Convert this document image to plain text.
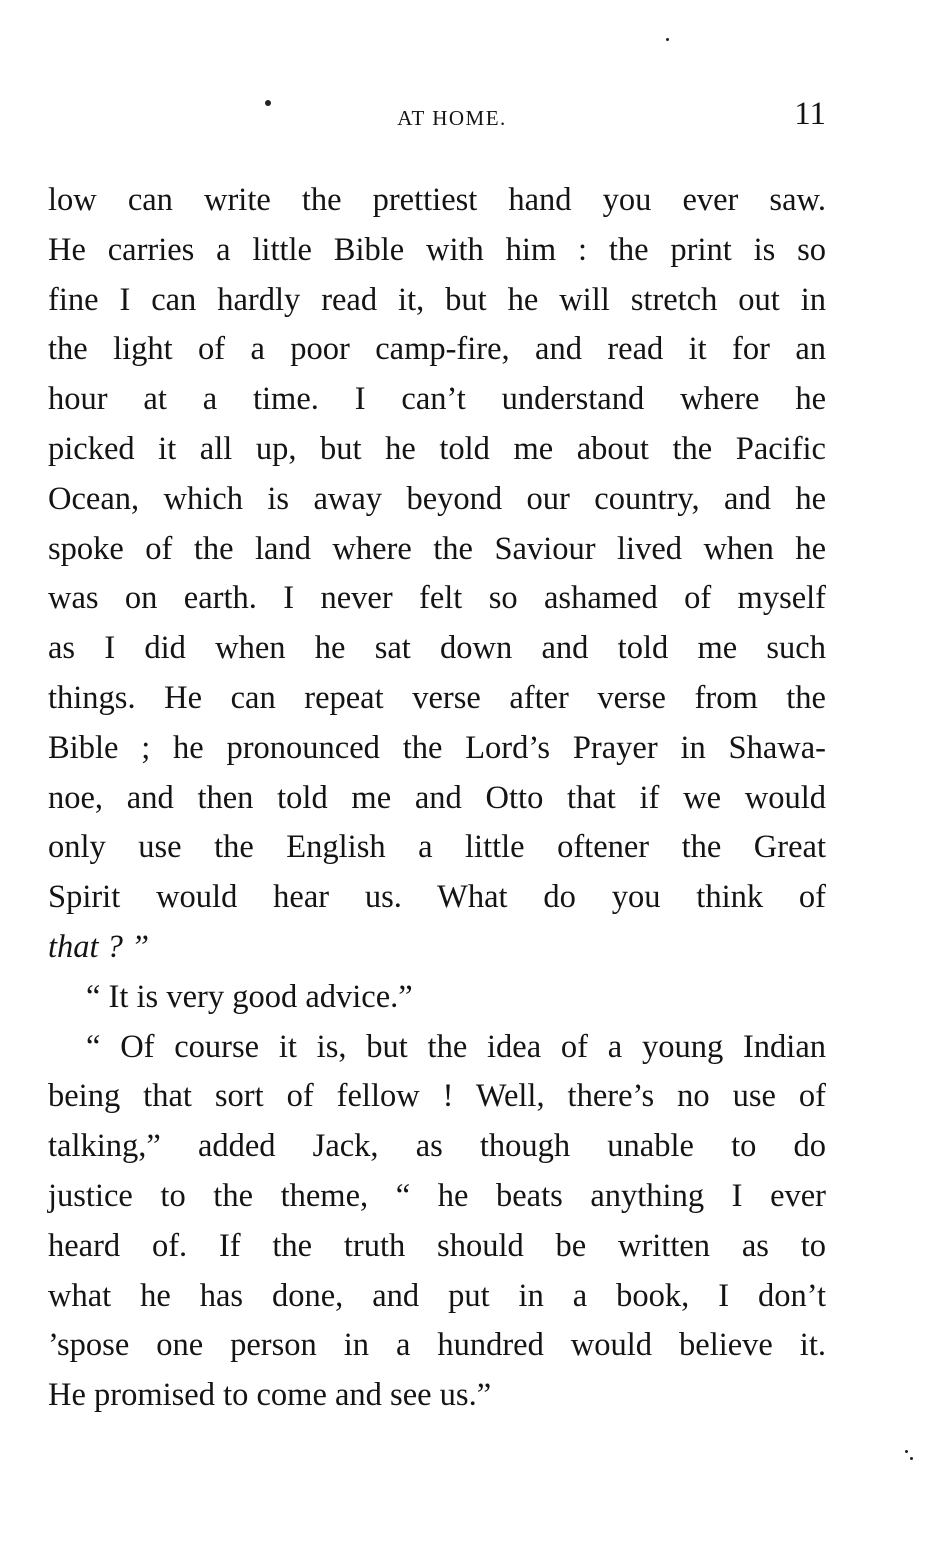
AT HOME.	11
low can write the prettiest hand you ever saw.
He carries a little Bible with him : the print is so
fine I can hardly read it, but he will stretch out in
the light of a poor camp-fire, and read it for an
hour at a time. I can’t understand where he
picked it all up, but he told me about the Pacific
Ocean, which is away beyond our country, and he
spoke of the land where the Saviour lived when he
was on earth. I never felt so ashamed of myself
as I did when he sat down and told me such
things. He can repeat verse after verse from the
Bible ; he pronounced the Lord’s Prayer in Shawa-
noe, and then told me and Otto that if we would
only use the English a little oftener the Great
Spirit would hear us. What do you think of
that ? ”
“ It is very good advice.”
“ Of course it is, but the idea of a young Indian
being that sort of fellow ! Well, there’s no use of
talking,” added Jack, as though unable to do
justice to the theme, “ he beats anything I ever
heard of. If the truth should be written as to
what he has done, and put in a book, I don’t
’spose one person in a hundred would believe it.
He promised to come and see us.”
